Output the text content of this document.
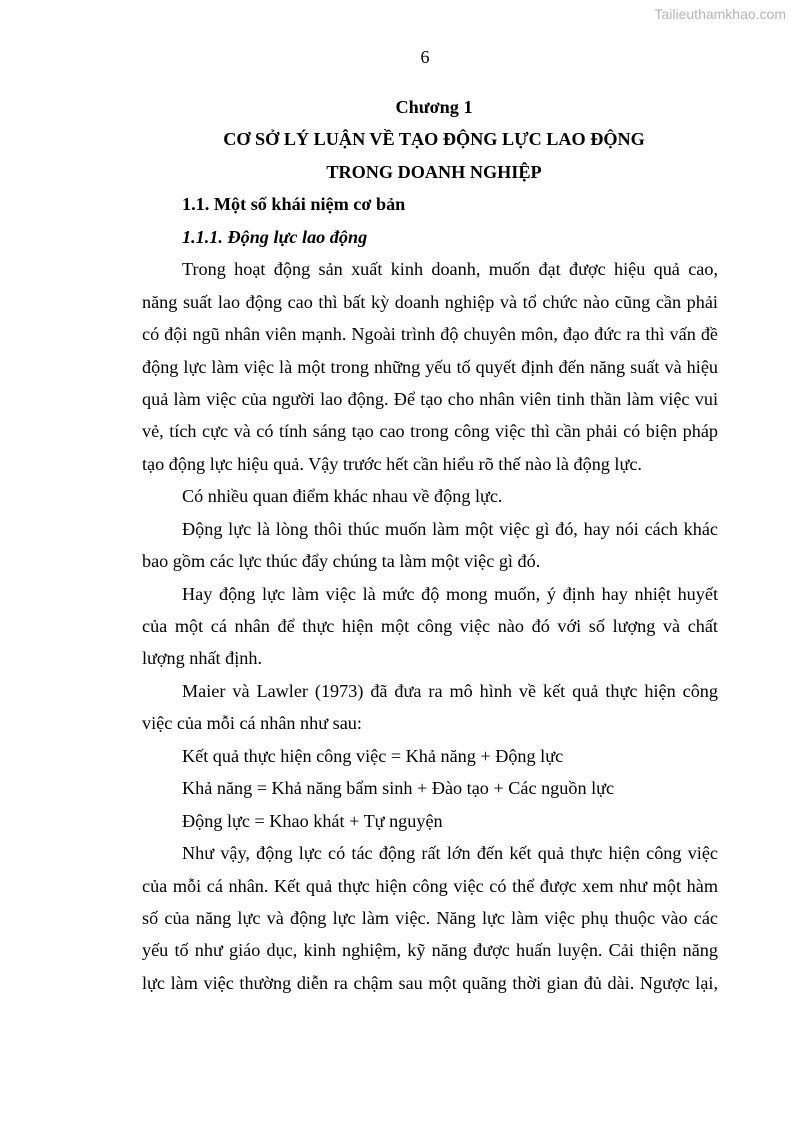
Tailieuthamkhao.com
6
Chương 1
CƠ SỞ LÝ LUẬN VỀ TẠO ĐỘNG LỰC LAO ĐỘNG
TRONG DOANH NGHIỆP
1.1. Một số khái niệm cơ bản
1.1.1. Động lực lao động
Trong hoạt động sản xuất kinh doanh, muốn đạt được hiệu quả cao,
năng suất lao động cao thì bất kỳ doanh nghiệp và tổ chức nào cũng cần phải
có đội ngũ nhân viên mạnh. Ngoài trình độ chuyên môn, đạo đức ra thì vấn đề
động lực làm việc là một trong những yếu tố quyết định đến năng suất và hiệu
quả làm việc của người lao động. Để tạo cho nhân viên tinh thần làm việc vui
vẻ, tích cực và có tính sáng tạo cao trong công việc thì cần phải có biện pháp
tạo động lực hiệu quả. Vậy trước hết cần hiểu rõ thế nào là động lực.
Có nhiều quan điểm khác nhau về động lực.
Động lực là lòng thôi thúc muốn làm một việc gì đó, hay nói cách khác
bao gồm các lực thúc đẩy chúng ta làm một việc gì đó.
Hay động lực làm việc là mức độ mong muốn, ý định hay nhiệt huyết
của một cá nhân để thực hiện một công việc nào đó với số lượng và chất
lượng nhất định.
Maier và Lawler (1973) đã đưa ra mô hình về kết quả thực hiện công
việc của mỗi cá nhân như sau:
Kết quả thực hiện công việc = Khả năng + Động lực
Khả năng = Khả năng bẩm sinh + Đào tạo + Các nguồn lực
Động lực = Khao khát + Tự nguyện
Như vậy, động lực có tác động rất lớn đến kết quả thực hiện công việc
của mỗi cá nhân. Kết quả thực hiện công việc có thể được xem như một hàm
số của năng lực và động lực làm việc. Năng lực làm việc phụ thuộc vào các
yếu tố như giáo dục, kinh nghiệm, kỹ năng được huấn luyện. Cải thiện năng
lực làm việc thường diễn ra chậm sau một quãng thời gian đủ dài. Ngược lại,
